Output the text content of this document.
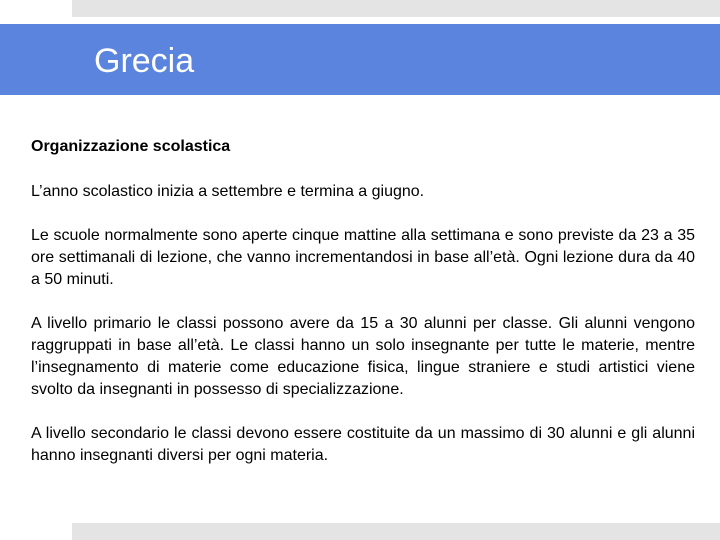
Grecia

Organizzazione scolastica

L’anno scolastico inizia a settembre e termina a giugno.

Le scuole normalmente sono aperte cinque mattine alla settimana e sono previste da 23 a 35 ore settimanali di lezione, che vanno incrementandosi in base all’età. Ogni lezione dura da 40 a 50 minuti.

A livello primario le classi possono avere da 15 a 30 alunni per classe. Gli alunni vengono raggruppati in base all’età. Le classi hanno un solo insegnante per tutte le materie, mentre l’insegnamento di materie come educazione fisica, lingue straniere e studi artistici viene svolto da insegnanti in possesso di specializzazione.

A livello secondario le classi devono essere costituite da un massimo di 30 alunni e gli alunni hanno insegnanti diversi per ogni materia.
